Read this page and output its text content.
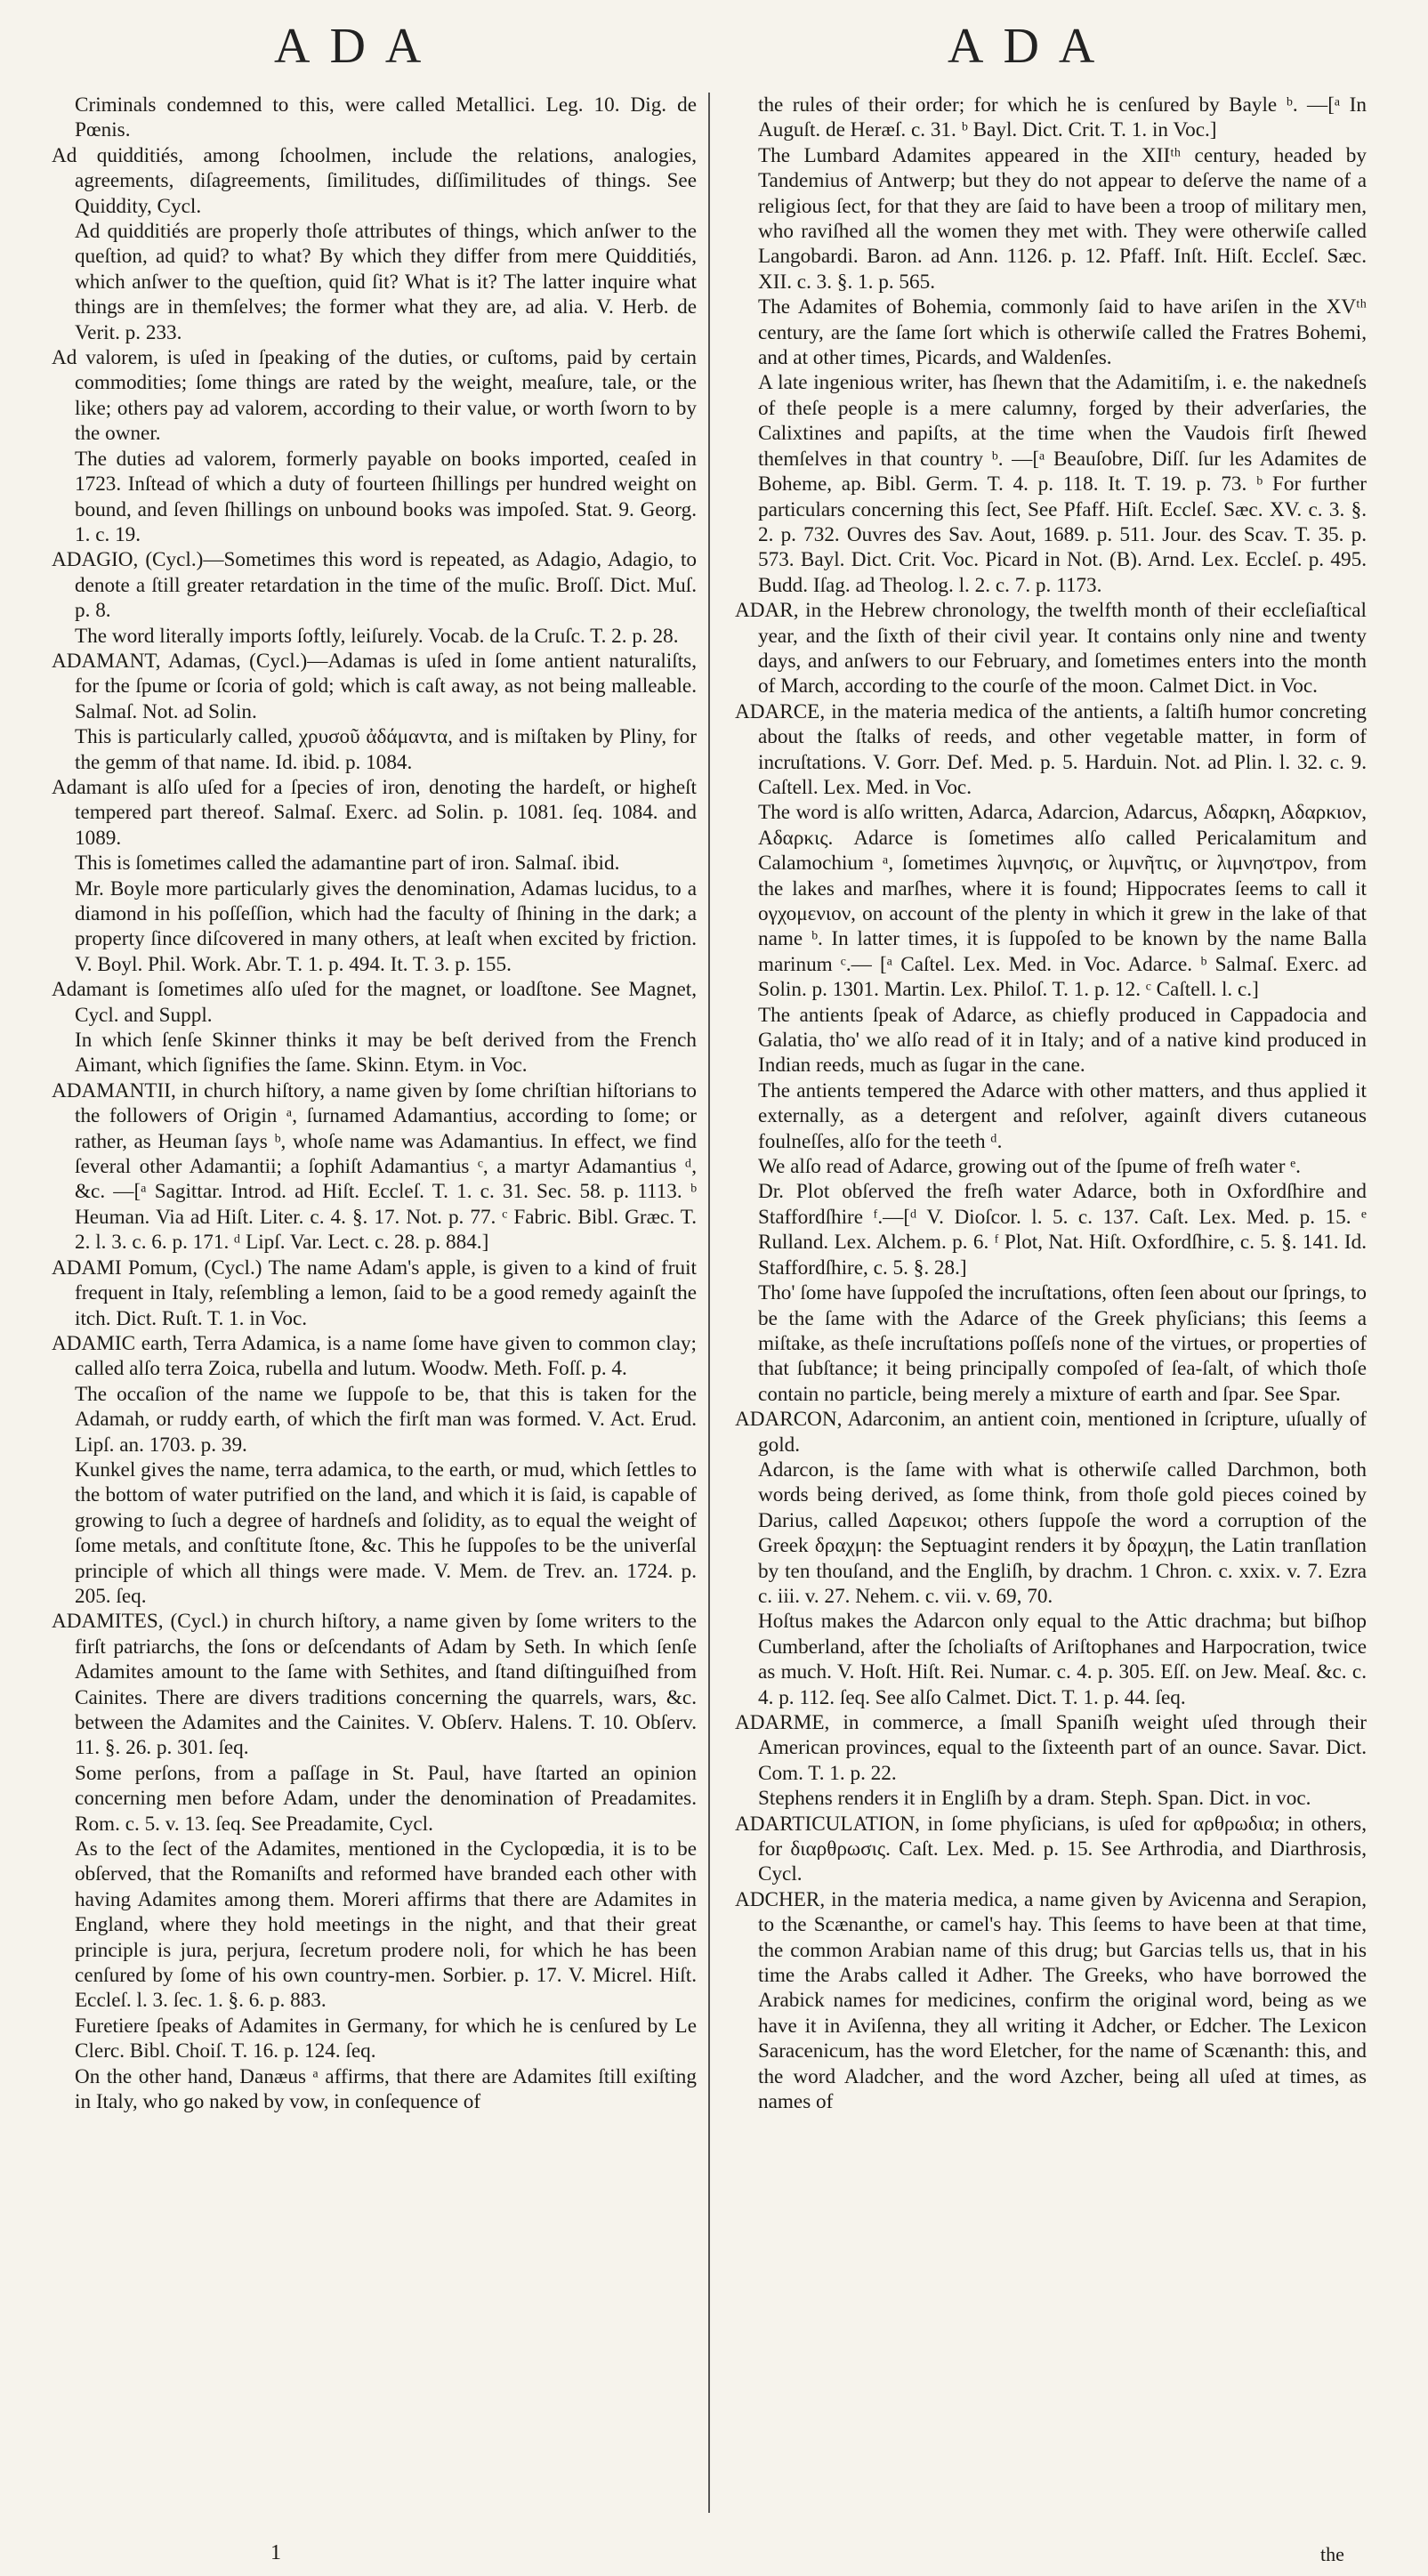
ADA	ADA

Criminals condemned to this, were called Metallici. Leg. 10. Dig. de Pœnis.

Ad quidditiés, among ſchoolmen, include the relations, analogies, agreements, diſagreements, ſimilitudes, diſſimilitudes of things. See Quiddity, Cycl.

Ad quidditiés are properly thoſe attributes of things, which anſwer to the queſtion, ad quid? to what? By which they differ from mere Quidditiés, which anſwer to the queſtion, quid ſit? What is it? The latter inquire what things are in themſelves; the former what they are, ad alia. V. Herb. de Verit. p. 233.

Ad valorem, is uſed in ſpeaking of the duties, or cuſtoms, paid by certain commodities; ſome things are rated by the weight, meaſure, tale, or the like; others pay ad valorem, according to their value, or worth ſworn to by the owner.

The duties ad valorem, formerly payable on books imported, ceaſed in 1723. Inſtead of which a duty of fourteen ſhillings per hundred weight on bound, and ſeven ſhillings on unbound books was impoſed. Stat. 9. Georg. 1. c. 19.

ADAGIO, (Cycl.)—Sometimes this word is repeated, as Adagio, Adagio, to denote a ſtill greater retardation in the time of the muſic. Broſſ. Dict. Muſ. p. 8.

The word literally imports ſoftly, leiſurely. Vocab. de la Cruſc. T. 2. p. 28.

ADAMANT, Adamas, (Cycl.)—Adamas is uſed in ſome antient naturaliſts, for the ſpume or ſcoria of gold; which is caſt away, as not being malleable. Salmaſ. Not. ad Solin.

This is particularly called, χρυσοῦ ἀδάμαντα, and is miſtaken by Pliny, for the gemm of that name. Id. ibid. p. 1084.

Adamant is alſo uſed for a ſpecies of iron, denoting the hardeſt, or higheſt tempered part thereof. Salmaſ. Exerc. ad Solin. p. 1081. ſeq. 1084. and 1089.

This is ſometimes called the adamantine part of iron. Salmaſ. ibid.

Mr. Boyle more particularly gives the denomination, Adamas lucidus, to a diamond in his poſſeſſion, which had the faculty of ſhining in the dark; a property ſince diſcovered in many others, at leaſt when excited by friction. V. Boyl. Phil. Work. Abr. T. 1. p. 494. It. T. 3. p. 155.

Adamant is ſometimes alſo uſed for the magnet, or loadſtone. See Magnet, Cycl. and Suppl.

In which ſenſe Skinner thinks it may be beſt derived from the French Aimant, which ſignifies the ſame. Skinn. Etym. in Voc.

ADAMANTII, in church hiſtory, a name given by ſome chriſtian hiſtorians to the followers of Origin ᵃ, ſurnamed Adamantius, according to ſome; or rather, as Heuman ſays ᵇ, whoſe name was Adamantius. In effect, we find ſeveral other Adamantii; a ſophiſt Adamantius ᶜ, a martyr Adamantius ᵈ, &c. —[ᵃ Sagittar. Introd. ad Hiſt. Eccleſ. T. 1. c. 31. Sec. 58. p. 1113. ᵇ Heuman. Via ad Hiſt. Liter. c. 4. §. 17. Not. p. 77. ᶜ Fabric. Bibl. Græc. T. 2. l. 3. c. 6. p. 171. ᵈ Lipſ. Var. Lect. c. 28. p. 884.]

ADAMI Pomum, (Cycl.) The name Adam's apple, is given to a kind of fruit frequent in Italy, reſembling a lemon, ſaid to be a good remedy againſt the itch. Dict. Ruſt. T. 1. in Voc.

ADAMIC earth, Terra Adamica, is a name ſome have given to common clay; called alſo terra Zoica, rubella and lutum. Woodw. Meth. Foſſ. p. 4.

The occaſion of the name we ſuppoſe to be, that this is taken for the Adamah, or ruddy earth, of which the firſt man was formed. V. Act. Erud. Lipſ. an. 1703. p. 39.

Kunkel gives the name, terra adamica, to the earth, or mud, which ſettles to the bottom of water putrified on the land, and which it is ſaid, is capable of growing to ſuch a degree of hardneſs and ſolidity, as to equal the weight of ſome metals, and conſtitute ſtone, &c. This he ſuppoſes to be the univerſal principle of which all things were made. V. Mem. de Trev. an. 1724. p. 205. ſeq.

ADAMITES, (Cycl.) in church hiſtory, a name given by ſome writers to the firſt patriarchs, the ſons or deſcendants of Adam by Seth. In which ſenſe Adamites amount to the ſame with Sethites, and ſtand diſtinguiſhed from Cainites. There are divers traditions concerning the quarrels, wars, &c. between the Adamites and the Cainites. V. Obſerv. Halens. T. 10. Obſerv. 11. §. 26. p. 301. ſeq.

Some perſons, from a paſſage in St. Paul, have ſtarted an opinion concerning men before Adam, under the denomination of Preadamites. Rom. c. 5. v. 13. ſeq. See Preadamite, Cycl.

As to the ſect of the Adamites, mentioned in the Cyclopœdia, it is to be obſerved, that the Romaniſts and reformed have branded each other with having Adamites among them. Moreri affirms that there are Adamites in England, where they hold meetings in the night, and that their great principle is jura, perjura, ſecretum prodere noli, for which he has been cenſured by ſome of his own country-men. Sorbier. p. 17. V. Micrel. Hiſt. Eccleſ. l. 3. ſec. 1. §. 6. p. 883.

Furetiere ſpeaks of Adamites in Germany, for which he is cenſured by Le Clerc. Bibl. Choiſ. T. 16. p. 124. ſeq.

On the other hand, Danæus ᵃ affirms, that there are Adamites ſtill exiſting in Italy, who go naked by vow, in conſequence of

the rules of their order; for which he is cenſured by Bayle ᵇ. —[ᵃ In Auguſt. de Heræſ. c. 31. ᵇ Bayl. Dict. Crit. T. 1. in Voc.]

The Lumbard Adamites appeared in the XIIᵗʰ century, headed by Tandemius of Antwerp; but they do not appear to deſerve the name of a religious ſect, for that they are ſaid to have been a troop of military men, who raviſhed all the women they met with. They were otherwiſe called Langobardi. Baron. ad Ann. 1126. p. 12. Pfaff. Inſt. Hiſt. Eccleſ. Sæc. XII. c. 3. §. 1. p. 565.

The Adamites of Bohemia, commonly ſaid to have ariſen in the XVᵗʰ century, are the ſame ſort which is otherwiſe called the Fratres Bohemi, and at other times, Picards, and Waldenſes.

A late ingenious writer, has ſhewn that the Adamitiſm, i. e. the nakedneſs of theſe people is a mere calumny, forged by their adverſaries, the Calixtines and papiſts, at the time when the Vaudois firſt ſhewed themſelves in that country ᵇ. —[ᵃ Beauſobre, Diſſ. ſur les Adamites de Boheme, ap. Bibl. Germ. T. 4. p. 118. It. T. 19. p. 73. ᵇ For further particulars concerning this ſect, See Pfaff. Hiſt. Eccleſ. Sæc. XV. c. 3. §. 2. p. 732. Ouvres des Sav. Aout, 1689. p. 511. Jour. des Scav. T. 35. p. 573. Bayl. Dict. Crit. Voc. Picard in Not. (B). Arnd. Lex. Eccleſ. p. 495. Budd. Iſag. ad Theolog. l. 2. c. 7. p. 1173.

ADAR, in the Hebrew chronology, the twelfth month of their eccleſiaſtical year, and the ſixth of their civil year. It contains only nine and twenty days, and anſwers to our February, and ſometimes enters into the month of March, according to the courſe of the moon. Calmet Dict. in Voc.

ADARCE, in the materia medica of the antients, a ſaltiſh humor concreting about the ſtalks of reeds, and other vegetable matter, in form of incruſtations. V. Gorr. Def. Med. p. 5. Harduin. Not. ad Plin. l. 32. c. 9. Caſtell. Lex. Med. in Voc.

The word is alſo written, Adarca, Adarcion, Adarcus, Αδαρκη, Αδαρκιον, Αδαρκις. Adarce is ſometimes alſo called Pericalamitum and Calamochium ᵃ, ſometimes λιμνησις, or λιμνῆτις, or λιμνηστρον, from the lakes and marſhes, where it is found; Hippocrates ſeems to call it ογχομενιον, on account of the plenty in which it grew in the lake of that name ᵇ. In latter times, it is ſuppoſed to be known by the name Balla marinum ᶜ.— [ᵃ Caſtel. Lex. Med. in Voc. Adarce. ᵇ Salmaſ. Exerc. ad Solin. p. 1301. Martin. Lex. Philoſ. T. 1. p. 12. ᶜ Caſtell. l. c.]

The antients ſpeak of Adarce, as chiefly produced in Cappadocia and Galatia, tho' we alſo read of it in Italy; and of a native kind produced in Indian reeds, much as ſugar in the cane.

The antients tempered the Adarce with other matters, and thus applied it externally, as a detergent and reſolver, againſt divers cutaneous foulneſſes, alſo for the teeth ᵈ.

We alſo read of Adarce, growing out of the ſpume of freſh water ᵉ.

Dr. Plot obſerved the freſh water Adarce, both in Oxfordſhire and Staffordſhire ᶠ.—[ᵈ V. Dioſcor. l. 5. c. 137. Caſt. Lex. Med. p. 15. ᵉ Rulland. Lex. Alchem. p. 6. ᶠ Plot, Nat. Hiſt. Oxfordſhire, c. 5. §. 141. Id. Staffordſhire, c. 5. §. 28.]

Tho' ſome have ſuppoſed the incruſtations, often ſeen about our ſprings, to be the ſame with the Adarce of the Greek phyſicians; this ſeems a miſtake, as theſe incruſtations poſſeſs none of the virtues, or properties of that ſubſtance; it being principally compoſed of ſea-ſalt, of which thoſe contain no particle, being merely a mixture of earth and ſpar. See Spar.

ADARCON, Adarconim, an antient coin, mentioned in ſcripture, uſually of gold.

Adarcon, is the ſame with what is otherwiſe called Darchmon, both words being derived, as ſome think, from thoſe gold pieces coined by Darius, called Δαρεικοι; others ſuppoſe the word a corruption of the Greek δραχμη: the Septuagint renders it by δραχμη, the Latin tranſlation by ten thouſand, and the Engliſh, by drachm. 1 Chron. c. xxix. v. 7. Ezra c. iii. v. 27. Nehem. c. vii. v. 69, 70.

Hoſtus makes the Adarcon only equal to the Attic drachma; but biſhop Cumberland, after the ſcholiaſts of Ariſtophanes and Harpocration, twice as much. V. Hoſt. Hiſt. Rei. Numar. c. 4. p. 305. Eſſ. on Jew. Meaſ. &c. c. 4. p. 112. ſeq. See alſo Calmet. Dict. T. 1. p. 44. ſeq.

ADARME, in commerce, a ſmall Spaniſh weight uſed through their American provinces, equal to the ſixteenth part of an ounce. Savar. Dict. Com. T. 1. p. 22.

Stephens renders it in Engliſh by a dram. Steph. Span. Dict. in voc.

ADARTICULATION, in ſome phyſicians, is uſed for αρθρωδια; in others, for διαρθρωσις. Caſt. Lex. Med. p. 15. See Arthrodia, and Diarthrosis, Cycl.

ADCHER, in the materia medica, a name given by Avicenna and Serapion, to the Scænanthe, or camel's hay. This ſeems to have been at that time, the common Arabian name of this drug; but Garcias tells us, that in his time the Arabs called it Adher. The Greeks, who have borrowed the Arabick names for medicines, confirm the original word, being as we have it in Aviſenna, they all writing it Adcher, or Edcher. The Lexicon Saracenicum, has the word Eletcher, for the name of Scænanth: this, and the word Aladcher, and the word Azcher, being all uſed at times, as names of

1	the
